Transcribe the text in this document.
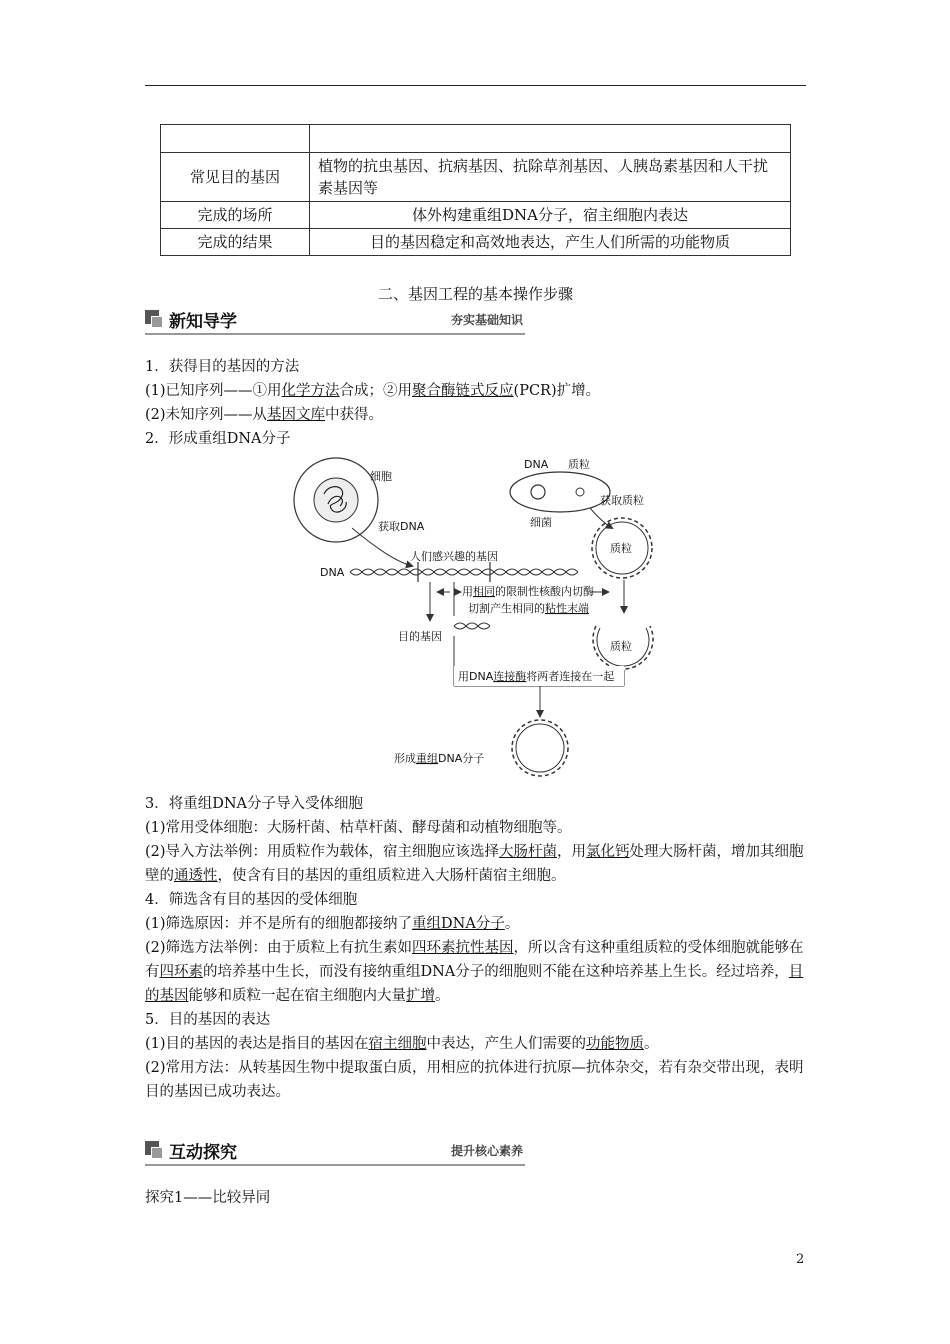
常见目的基因	植物的抗虫基因、抗病基因、抗除草剂基因、人胰岛素基因和人干扰素基因等
完成的场所	体外构建重组DNA分子，宿主细胞内表达
完成的结果	目的基因稳定和高效地表达，产生人们所需的功能物质
二、基因工程的基本操作步骤
新知导学	夯实基础知识

1．获得目的基因的方法

(1)已知序列——①用化学方法合成；②用聚合酶链式反应(PCR)扩增。

(2)未知序列——从基因文库中获得。

2．形成重组DNA分子

细胞
获取DNA
DNA 质粒
细菌
获取质粒
质粒
DNA
人们感兴趣的基因
用相同的限制性核酸内切酶
切割产生相同的粘性末端
目的基因
质粒
用DNA连接酶将两者连接在一起
形成重组DNA分子

3．将重组DNA分子导入受体细胞

(1)常用受体细胞：大肠杆菌、枯草杆菌、酵母菌和动植物细胞等。

(2)导入方法举例：用质粒作为载体，宿主细胞应该选择大肠杆菌，用氯化钙处理大肠杆菌，增加其细胞壁的通透性，使含有目的基因的重组质粒进入大肠杆菌宿主细胞。

4．筛选含有目的基因的受体细胞

(1)筛选原因：并不是所有的细胞都接纳了重组DNA分子。

(2)筛选方法举例：由于质粒上有抗生素如四环素抗性基因，所以含有这种重组质粒的受体细胞就能够在有四环素的培养基中生长，而没有接纳重组DNA分子的细胞则不能在这种培养基上生长。经过培养，目的基因能够和质粒一起在宿主细胞内大量扩增。

5．目的基因的表达

(1)目的基因的表达是指目的基因在宿主细胞中表达，产生人们需要的功能物质。

(2)常用方法：从转基因生物中提取蛋白质，用相应的抗体进行抗原—抗体杂交，若有杂交带出现，表明目的基因已成功表达。

互动探究	提升核心素养
探究1——比较异同
2
